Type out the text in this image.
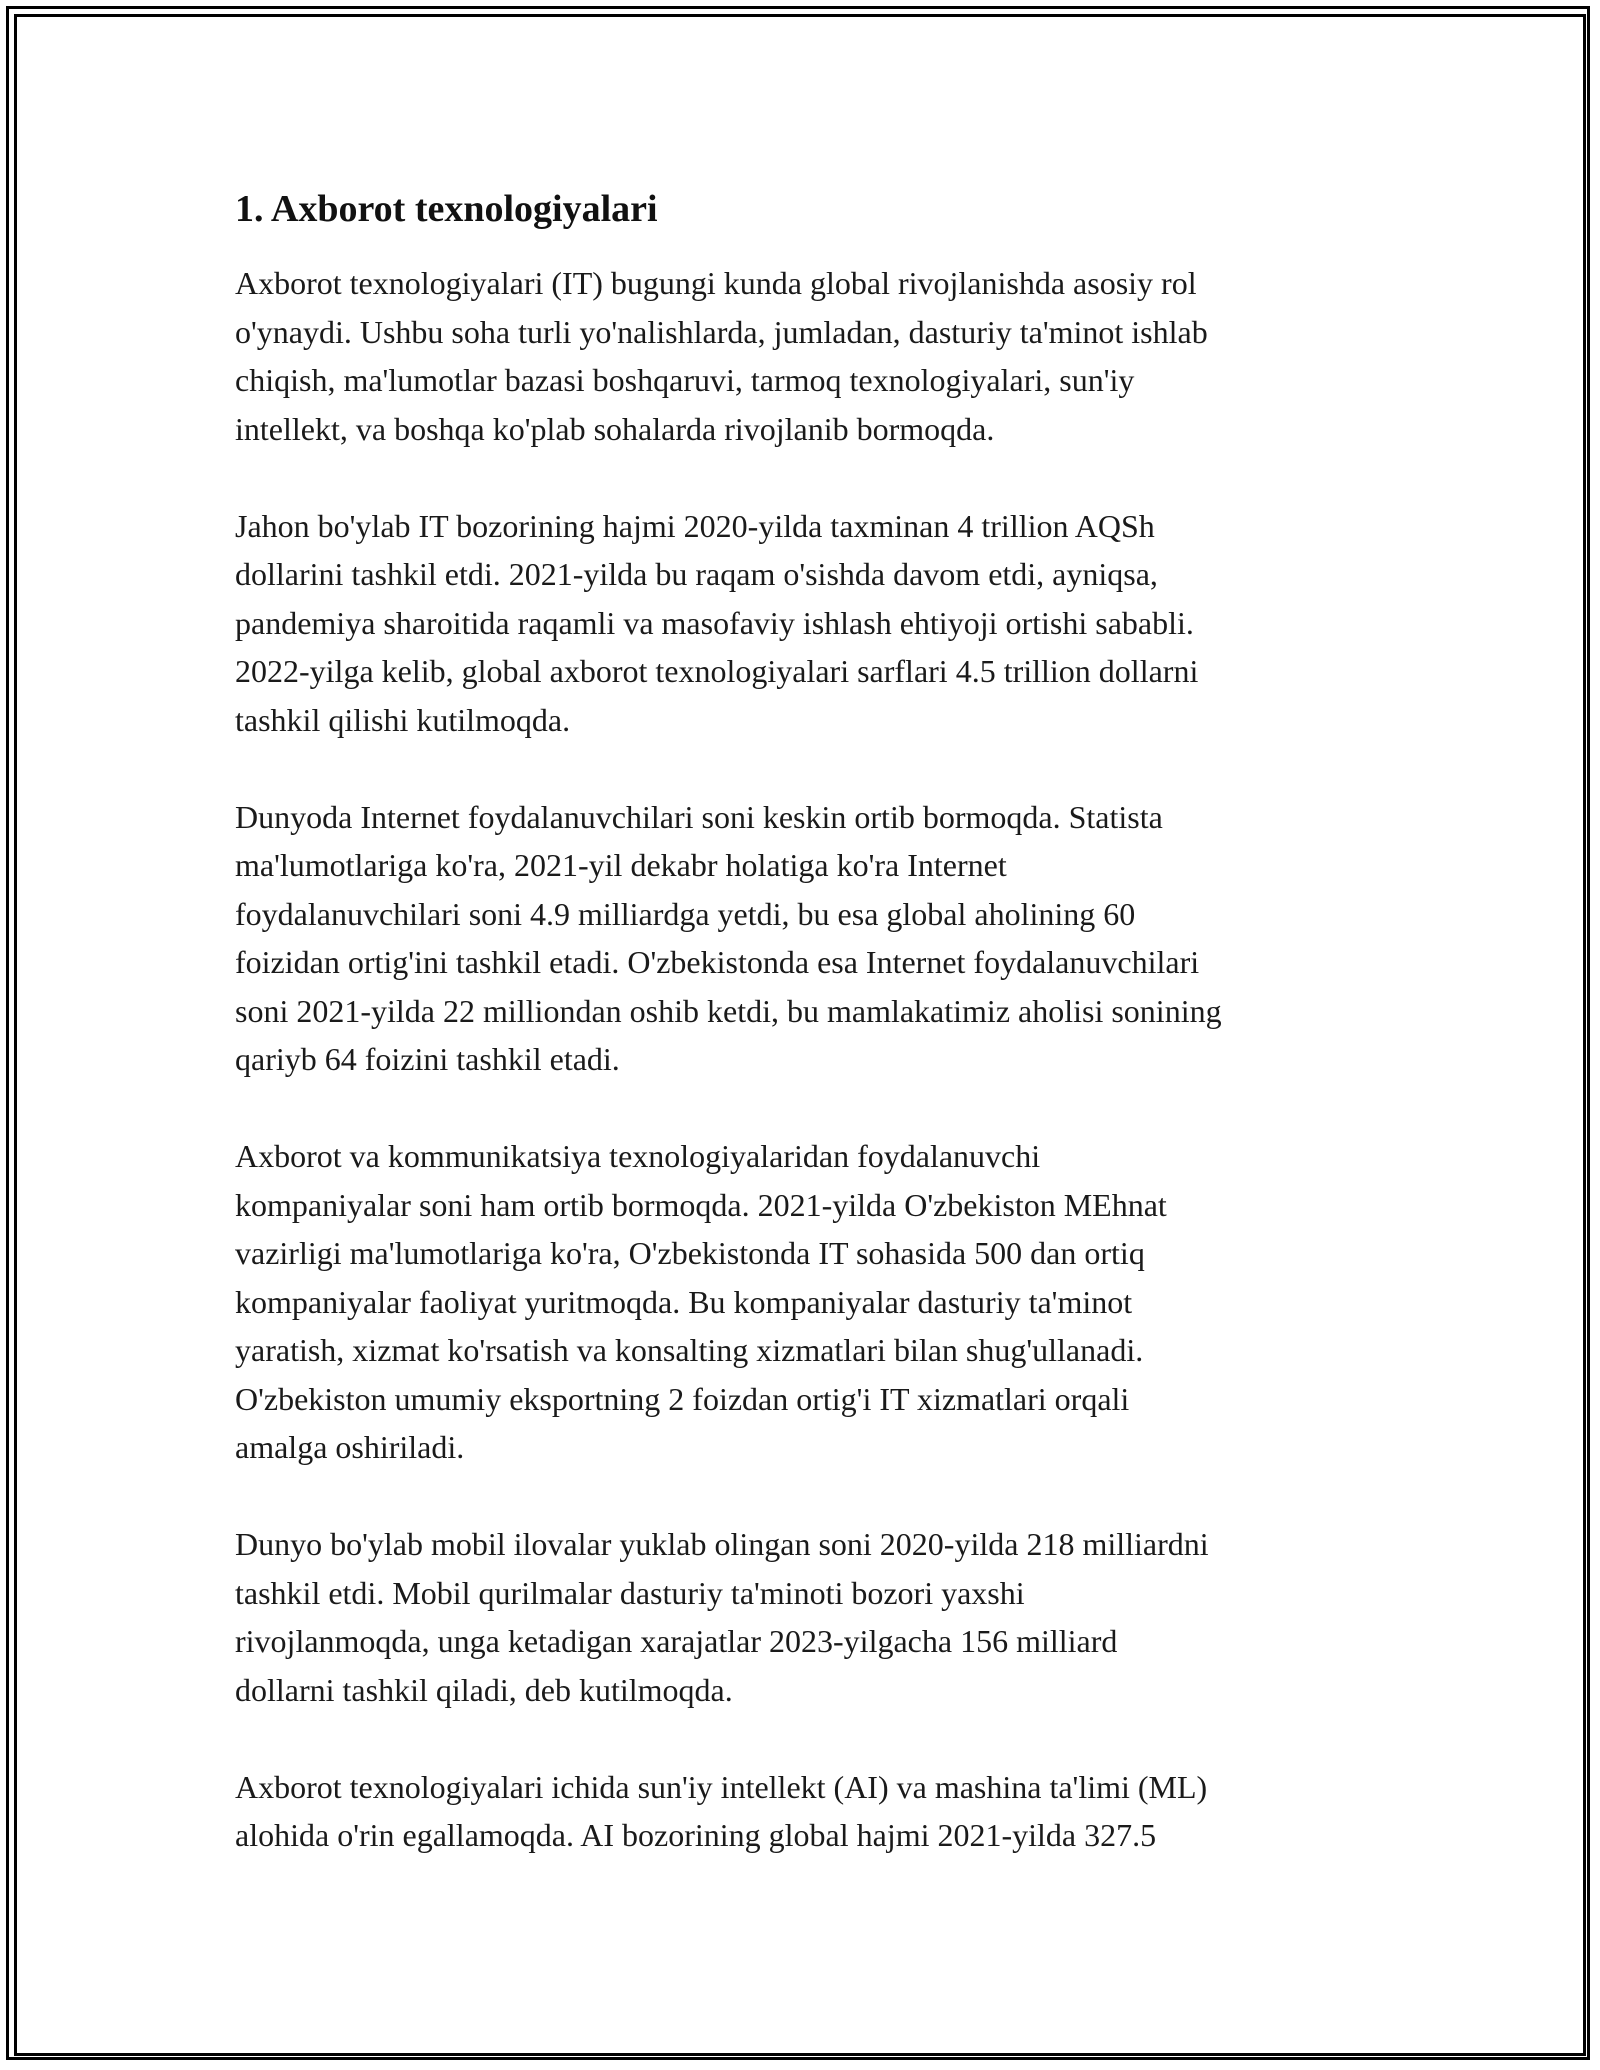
1. Axborot texnologiyalari

Axborot texnologiyalari (IT) bugungi kunda global rivojlanishda asosiy rol
o'ynaydi. Ushbu soha turli yo'nalishlarda, jumladan, dasturiy ta'minot ishlab
chiqish, ma'lumotlar bazasi boshqaruvi, tarmoq texnologiyalari, sun'iy
intellekt, va boshqa ko'plab sohalarda rivojlanib bormoqda.

Jahon bo'ylab IT bozorining hajmi 2020-yilda taxminan 4 trillion AQSh
dollarini tashkil etdi. 2021-yilda bu raqam o'sishda davom etdi, ayniqsa,
pandemiya sharoitida raqamli va masofaviy ishlash ehtiyoji ortishi sababli.
2022-yilga kelib, global axborot texnologiyalari sarflari 4.5 trillion dollarni
tashkil qilishi kutilmoqda.

Dunyoda Internet foydalanuvchilari soni keskin ortib bormoqda. Statista
ma'lumotlariga ko'ra, 2021-yil dekabr holatiga ko'ra Internet
foydalanuvchilari soni 4.9 milliardga yetdi, bu esa global aholining 60
foizidan ortig'ini tashkil etadi. O'zbekistonda esa Internet foydalanuvchilari
soni 2021-yilda 22 milliondan oshib ketdi, bu mamlakatimiz aholisi sonining
qariyb 64 foizini tashkil etadi.

Axborot va kommunikatsiya texnologiyalaridan foydalanuvchi
kompaniyalar soni ham ortib bormoqda. 2021-yilda O'zbekiston MEhnat
vazirligi ma'lumotlariga ko'ra, O'zbekistonda IT sohasida 500 dan ortiq
kompaniyalar faoliyat yuritmoqda. Bu kompaniyalar dasturiy ta'minot
yaratish, xizmat ko'rsatish va konsalting xizmatlari bilan shug'ullanadi.
O'zbekiston umumiy eksportning 2 foizdan ortig'i IT xizmatlari orqali
amalga oshiriladi.

Dunyo bo'ylab mobil ilovalar yuklab olingan soni 2020-yilda 218 milliardni
tashkil etdi. Mobil qurilmalar dasturiy ta'minoti bozori yaxshi
rivojlanmoqda, unga ketadigan xarajatlar 2023-yilgacha 156 milliard
dollarni tashkil qiladi, deb kutilmoqda.

Axborot texnologiyalari ichida sun'iy intellekt (AI) va mashina ta'limi (ML)
alohida o'rin egallamoqda. AI bozorining global hajmi 2021-yilda 327.5
